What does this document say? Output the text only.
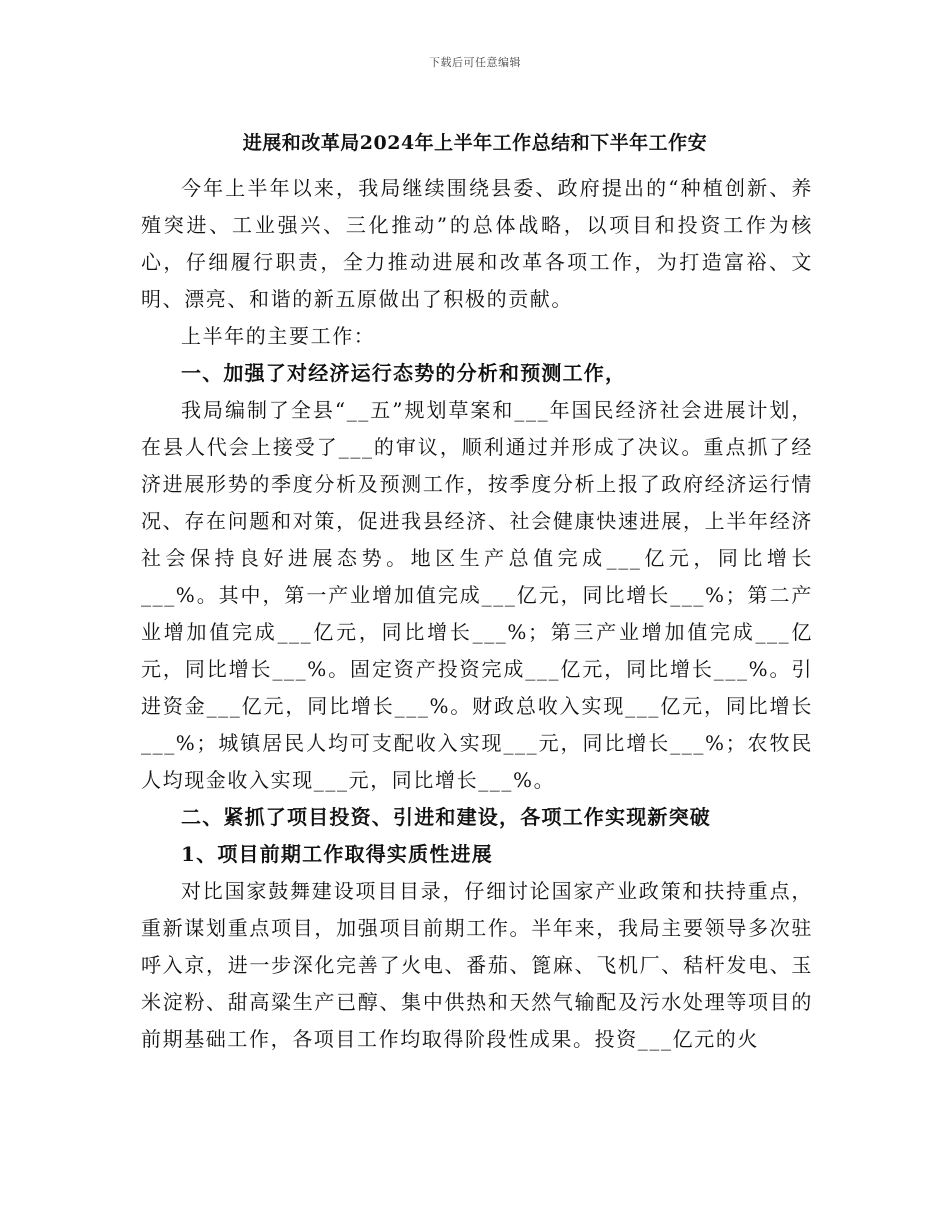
下载后可任意编辑
进展和改革局2024年上半年工作总结和下半年工作安

今年上半年以来，我局继续围绕县委、政府提出的“种植创新、养殖突进、工业强兴、三化推动”的总体战略，以项目和投资工作为核心，仔细履行职责，全力推动进展和改革各项工作，为打造富裕、文明、漂亮、和谐的新五原做出了积极的贡献。

上半年的主要工作：

一、加强了对经济运行态势的分析和预测工作，

我局编制了全县“__五”规划草案和___年国民经济社会进展计划，在县人代会上接受了___的审议，顺利通过并形成了决议。重点抓了经济进展形势的季度分析及预测工作，按季度分析上报了政府经济运行情况、存在问题和对策，促进我县经济、社会健康快速进展，上半年经济社会保持良好进展态势。地区生产总值完成___亿元，同比增长___%。其中，第一产业增加值完成___亿元，同比增长___%；第二产业增加值完成___亿元，同比增长___%；第三产业增加值完成___亿元，同比增长___%。固定资产投资完成___亿元，同比增长___%。引进资金___亿元，同比增长___%。财政总收入实现___亿元，同比增长___%；城镇居民人均可支配收入实现___元，同比增长___%；农牧民人均现金收入实现___元，同比增长___%。

二、紧抓了项目投资、引进和建设，各项工作实现新突破

1、项目前期工作取得实质性进展

对比国家鼓舞建设项目目录，仔细讨论国家产业政策和扶持重点，重新谋划重点项目，加强项目前期工作。半年来，我局主要领导多次驻呼入京，进一步深化完善了火电、番茄、篦麻、飞机厂、秸杆发电、玉米淀粉、甜高粱生产已醇、集中供热和天然气输配及污水处理等项目的前期基础工作，各项目工作均取得阶段性成果。投资___亿元的火
